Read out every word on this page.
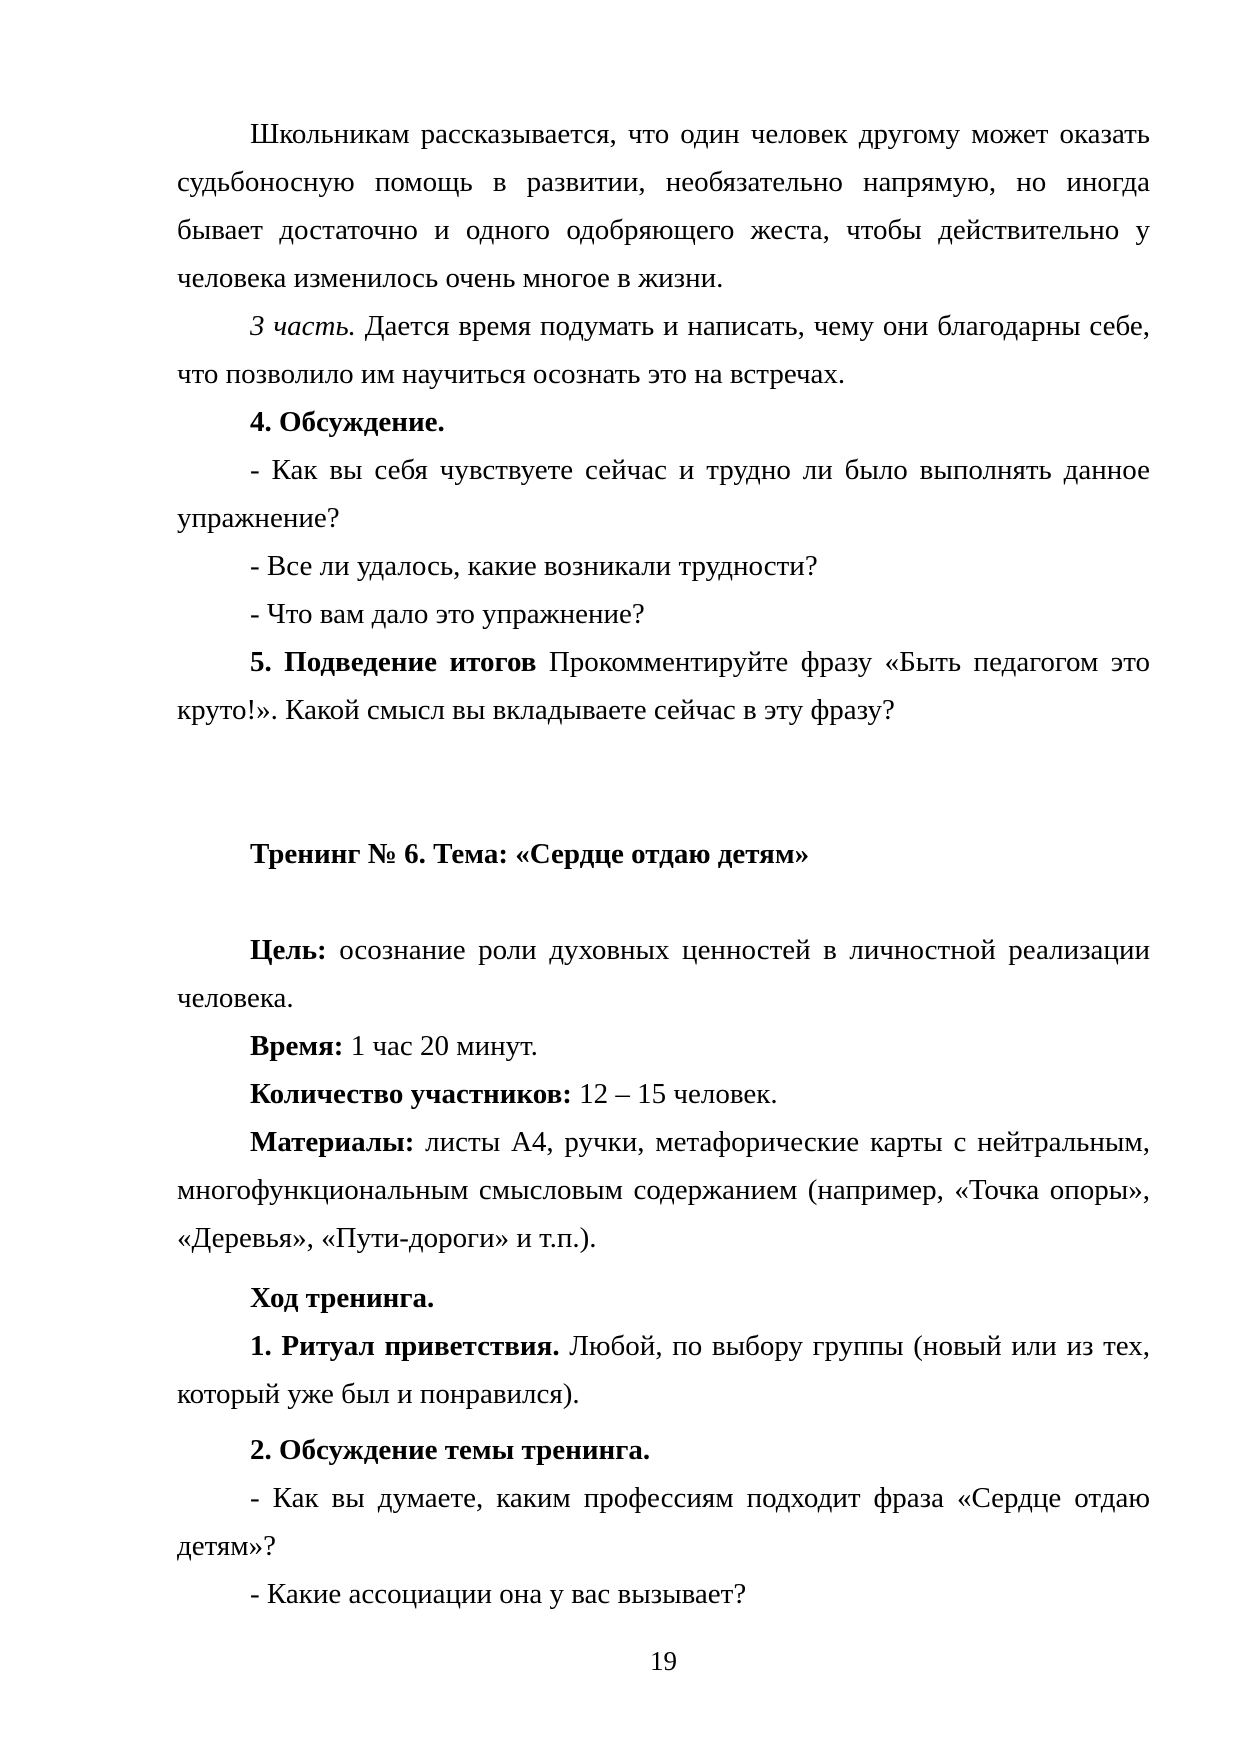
Школьникам рассказывается, что один человек другому может оказать судьбоносную помощь в развитии, необязательно напрямую, но иногда бывает достаточно и одного одобряющего жеста, чтобы действительно у человека изменилось очень многое в жизни.

3 часть. Дается время подумать и написать, чему они благодарны себе, что позволило им научиться осознать это на встречах.

4. Обсуждение.

- Как вы себя чувствуете сейчас и трудно ли было выполнять данное упражнение?

- Все ли удалось, какие возникали трудности?

- Что вам дало это упражнение?

5. Подведение итогов Прокомментируйте фразу «Быть педагогом это круто!». Какой смысл вы вкладываете сейчас в эту фразу?

Тренинг № 6. Тема: «Сердце отдаю детям»

Цель: осознание роли духовных ценностей в личностной реализации человека.

Время: 1 час 20 минут.

Количество участников: 12 – 15 человек.

Материалы: листы А4, ручки, метафорические карты с нейтральным, многофункциональным смысловым содержанием (например, «Точка опоры», «Деревья», «Пути-дороги» и т.п.).

Ход тренинга.

1. Ритуал приветствия. Любой, по выбору группы (новый или из тех, который уже был и понравился).

2. Обсуждение темы тренинга.

- Как вы думаете, каким профессиям подходит фраза «Сердце отдаю детям»?

- Какие ассоциации она у вас вызывает?

19
